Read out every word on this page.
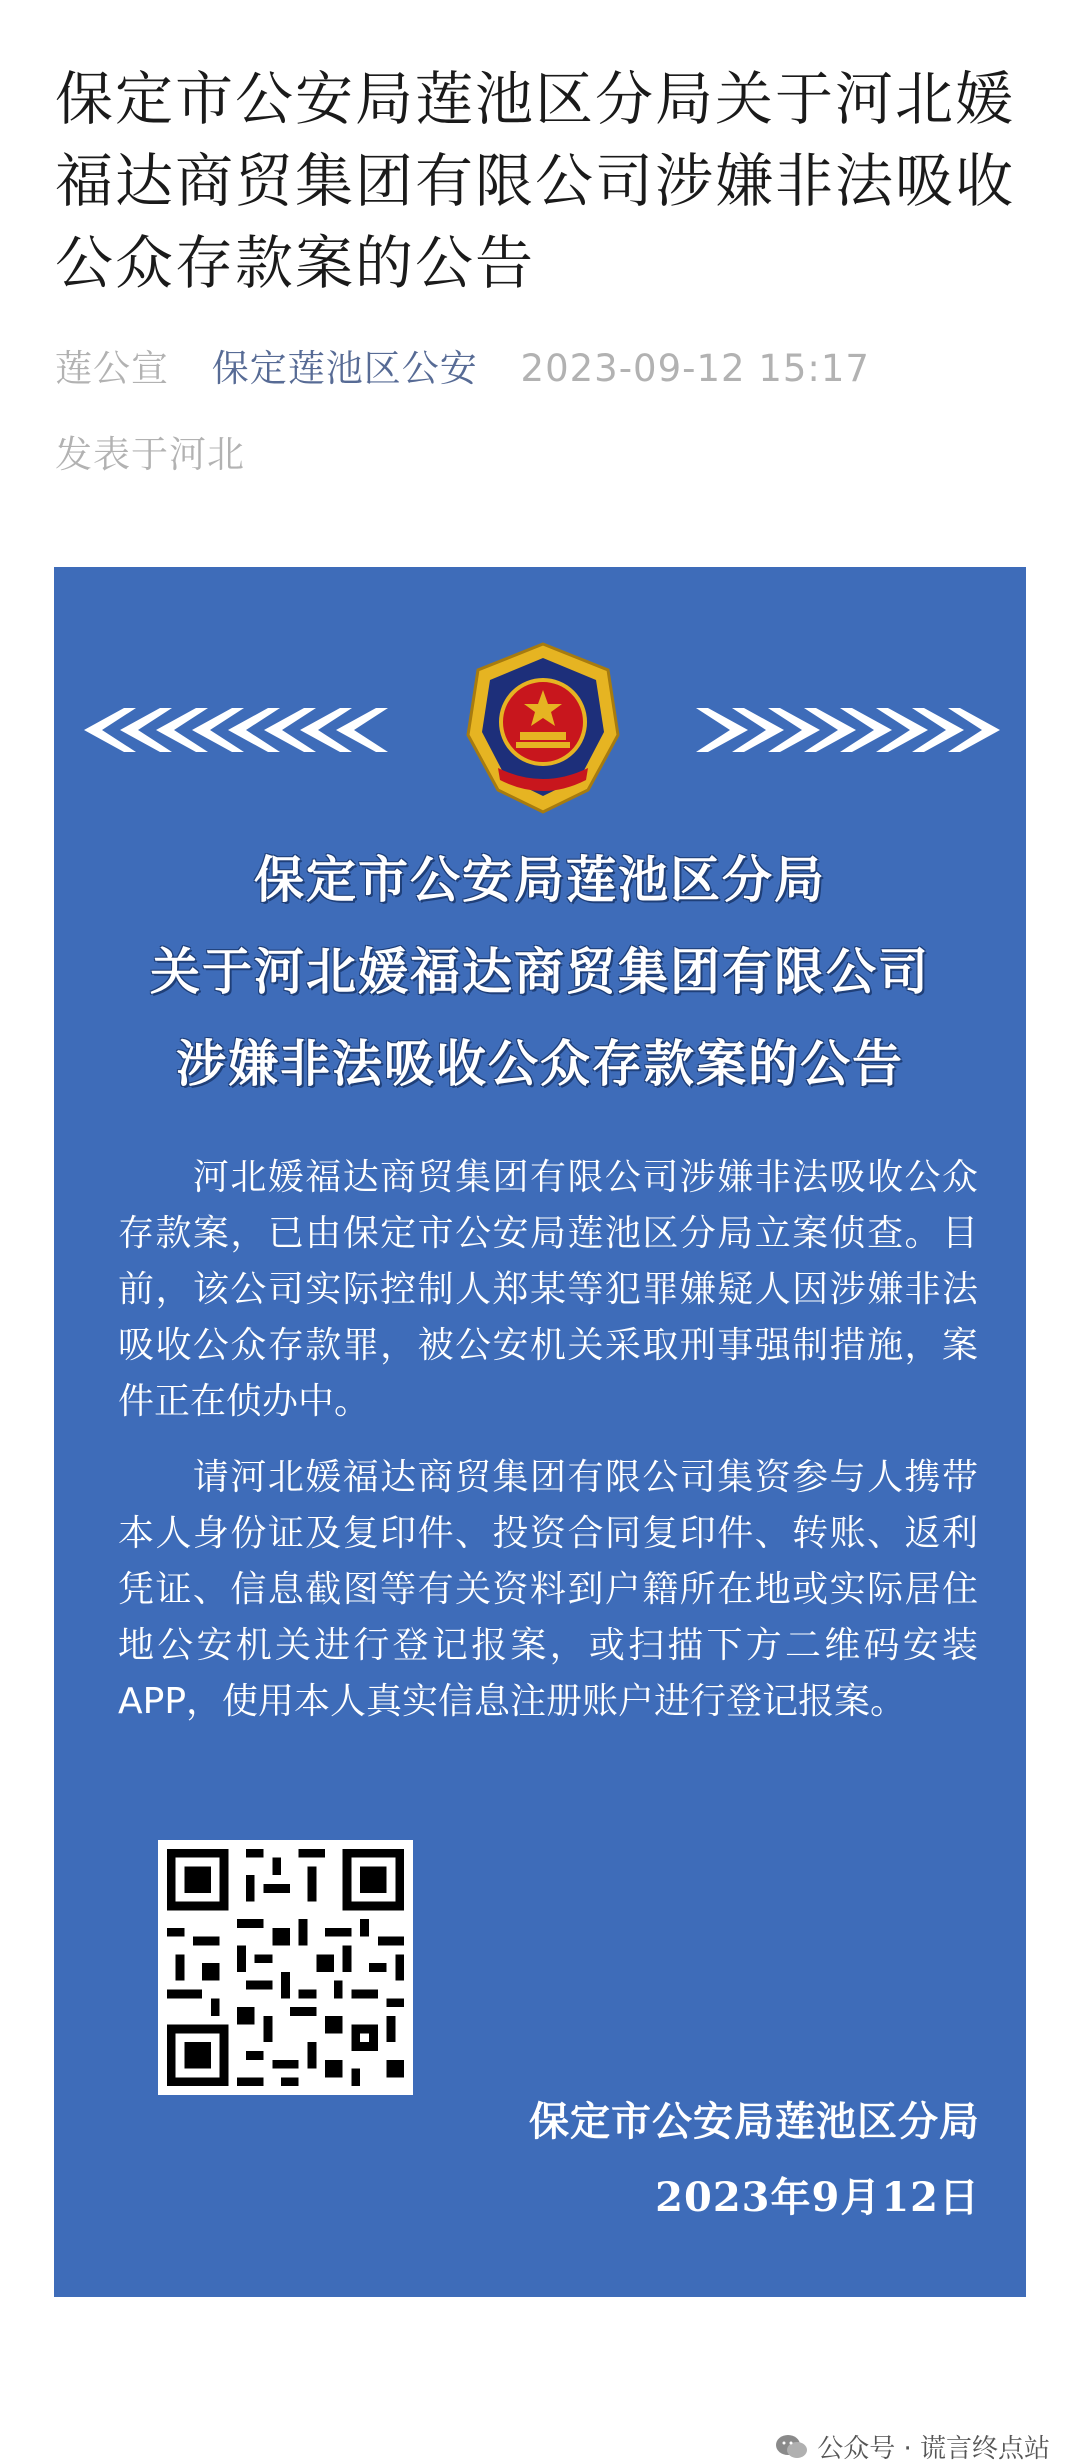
保定市公安局莲池区分局关于河北媛福达商贸集团有限公司涉嫌非法吸收公众存款案的公告
莲公宣 保定莲池区公安 2023-09-12 15:17
发表于河北
保定市公安局莲池区分局
关于河北媛福达商贸集团有限公司
涉嫌非法吸收公众存款案的公告

　　河北媛福达商贸集团有限公司涉嫌非法吸收公众存款案，已由保定市公安局莲池区分局立案侦查。目前，该公司实际控制人郑某等犯罪嫌疑人因涉嫌非法吸收公众存款罪，被公安机关采取刑事强制措施，案件正在侦办中。

　　请河北媛福达商贸集团有限公司集资参与人携带本人身份证及复印件、投资合同复印件、转账、返利凭证、信息截图等有关资料到户籍所在地或实际居住地公安机关进行登记报案，或扫描下方二维码安装APP，使用本人真实信息注册账户进行登记报案。

保定市公安局莲池区分局
2023年9月12日
公众号 · 谎言终点站
